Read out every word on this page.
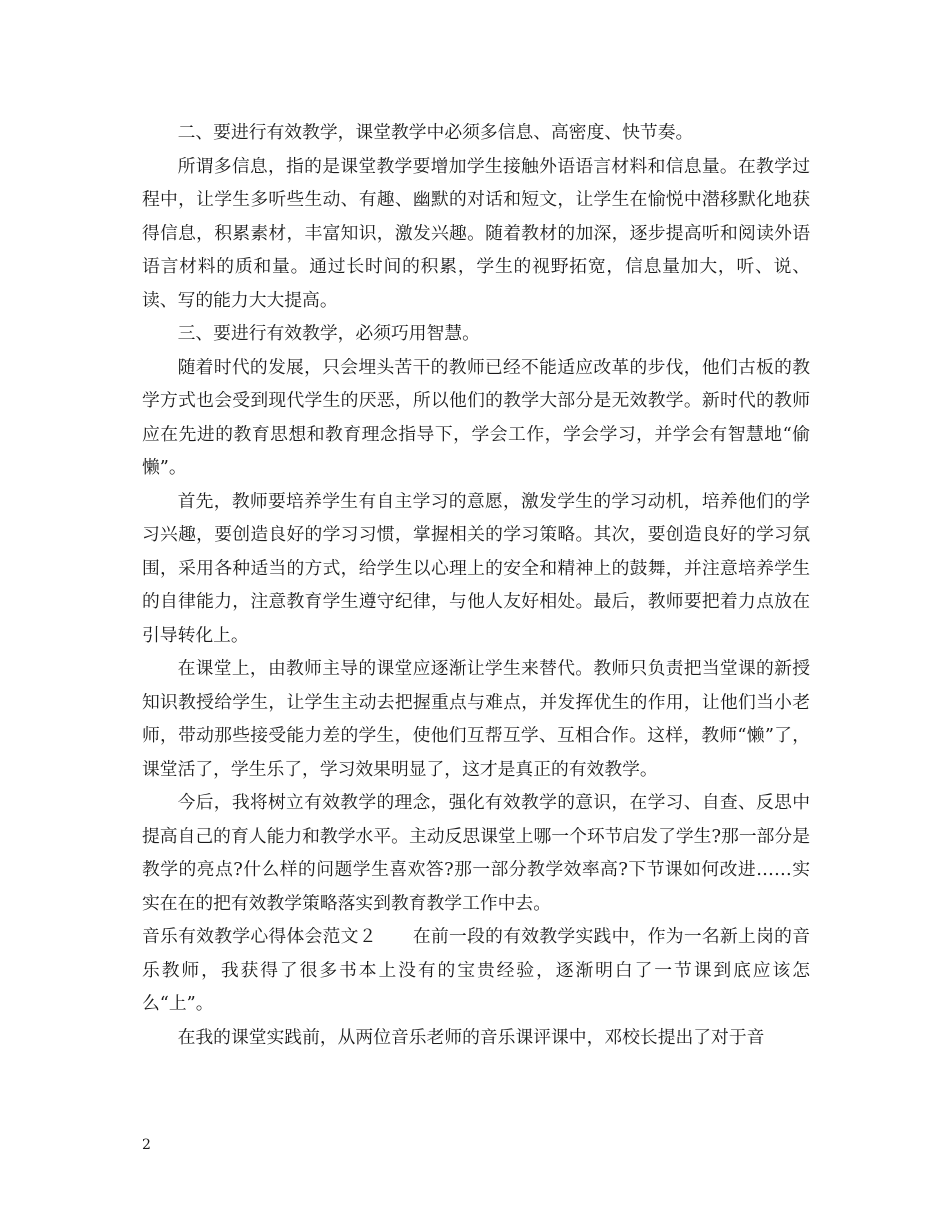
二、要进行有效教学，课堂教学中必须多信息、高密度、快节奏。

所谓多信息，指的是课堂教学要增加学生接触外语语言材料和信息量。在教学过程中，让学生多听些生动、有趣、幽默的对话和短文，让学生在愉悦中潜移默化地获得信息，积累素材，丰富知识，激发兴趣。随着教材的加深，逐步提高听和阅读外语语言材料的质和量。通过长时间的积累，学生的视野拓宽，信息量加大，听、说、读、写的能力大大提高。

三、要进行有效教学，必须巧用智慧。

随着时代的发展，只会埋头苦干的教师已经不能适应改革的步伐，他们古板的教学方式也会受到现代学生的厌恶，所以他们的教学大部分是无效教学。新时代的教师应在先进的教育思想和教育理念指导下，学会工作，学会学习，并学会有智慧地“偷懒”。

首先，教师要培养学生有自主学习的意愿，激发学生的学习动机，培养他们的学习兴趣，要创造良好的学习习惯，掌握相关的学习策略。其次，要创造良好的学习氛围，采用各种适当的方式，给学生以心理上的安全和精神上的鼓舞，并注意培养学生的自律能力，注意教育学生遵守纪律，与他人友好相处。最后，教师要把着力点放在引导转化上。

在课堂上，由教师主导的课堂应逐渐让学生来替代。教师只负责把当堂课的新授知识教授给学生，让学生主动去把握重点与难点，并发挥优生的作用，让他们当小老师，带动那些接受能力差的学生，使他们互帮互学、互相合作。这样，教师“懒”了，课堂活了，学生乐了，学习效果明显了，这才是真正的有效教学。

今后，我将树立有效教学的理念，强化有效教学的意识，在学习、自查、反思中提高自己的育人能力和教学水平。主动反思课堂上哪一个环节启发了学生?那一部分是教学的亮点?什么样的问题学生喜欢答?那一部分教学效率高?下节课如何改进……实实在在的把有效教学策略落实到教育教学工作中去。

音乐有效教学心得体会范文２　　在前一段的有效教学实践中，作为一名新上岗的音乐教师，我获得了很多书本上没有的宝贵经验，逐渐明白了一节课到底应该怎么“上”。

在我的课堂实践前，从两位音乐老师的音乐课评课中，邓校长提出了对于音

2
